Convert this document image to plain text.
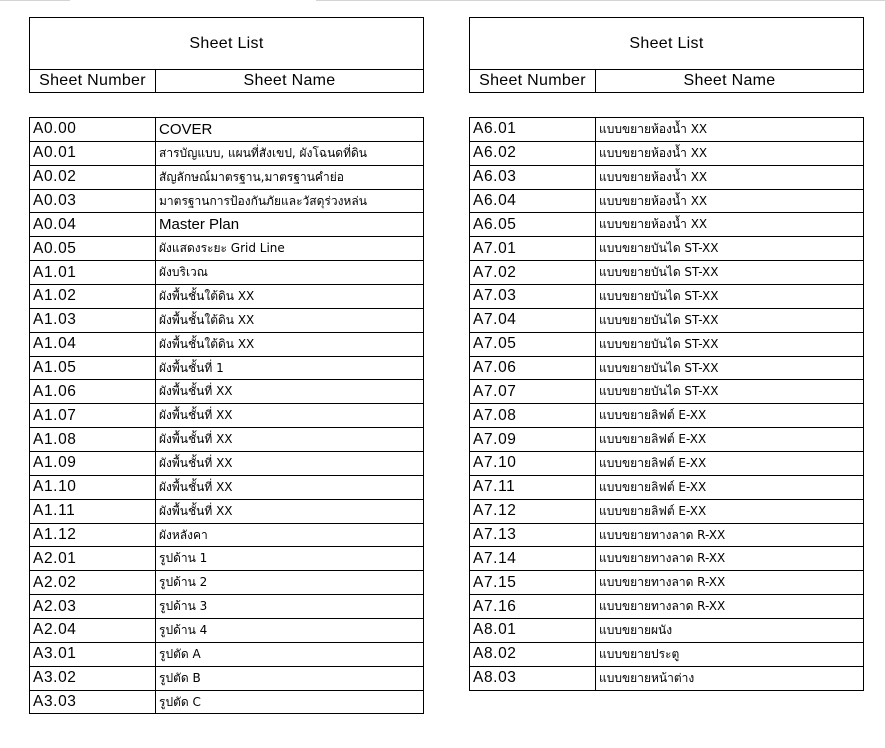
Sheet List
Sheet Number	Sheet Name
A0.00	COVER
A0.01	สารบัญแบบ, แผนที่สังเขป, ผังโฉนดที่ดิน
A0.02	สัญลักษณ์มาตรฐาน,มาตรฐานคำย่อ
A0.03	มาตรฐานการป้องกันภัยและวัสดุร่วงหล่น
A0.04	Master Plan
A0.05	ผังแสดงระยะ Grid Line
A1.01	ผังบริเวณ
A1.02	ผังพื้นชั้นใต้ดิน XX
A1.03	ผังพื้นชั้นใต้ดิน XX
A1.04	ผังพื้นชั้นใต้ดิน XX
A1.05	ผังพื้นชั้นที่ 1
A1.06	ผังพื้นชั้นที่ XX
A1.07	ผังพื้นชั้นที่ XX
A1.08	ผังพื้นชั้นที่ XX
A1.09	ผังพื้นชั้นที่ XX
A1.10	ผังพื้นชั้นที่ XX
A1.11	ผังพื้นชั้นที่ XX
A1.12	ผังหลังคา
A2.01	รูปด้าน 1
A2.02	รูปด้าน 2
A2.03	รูปด้าน 3
A2.04	รูปด้าน 4
A3.01	รูปตัด A
A3.02	รูปตัด B
A3.03	รูปตัด C
Sheet List
Sheet Number	Sheet Name
A6.01	แบบขยายห้องน้ำ XX
A6.02	แบบขยายห้องน้ำ XX
A6.03	แบบขยายห้องน้ำ XX
A6.04	แบบขยายห้องน้ำ XX
A6.05	แบบขยายห้องน้ำ XX
A7.01	แบบขยายบันได ST-XX
A7.02	แบบขยายบันได ST-XX
A7.03	แบบขยายบันได ST-XX
A7.04	แบบขยายบันได ST-XX
A7.05	แบบขยายบันได ST-XX
A7.06	แบบขยายบันได ST-XX
A7.07	แบบขยายบันได ST-XX
A7.08	แบบขยายลิฟต์ E-XX
A7.09	แบบขยายลิฟต์ E-XX
A7.10	แบบขยายลิฟต์ E-XX
A7.11	แบบขยายลิฟต์ E-XX
A7.12	แบบขยายลิฟต์ E-XX
A7.13	แบบขยายทางลาด R-XX
A7.14	แบบขยายทางลาด R-XX
A7.15	แบบขยายทางลาด R-XX
A7.16	แบบขยายทางลาด R-XX
A8.01	แบบขยายผนัง
A8.02	แบบขยายประตู
A8.03	แบบขยายหน้าต่าง
